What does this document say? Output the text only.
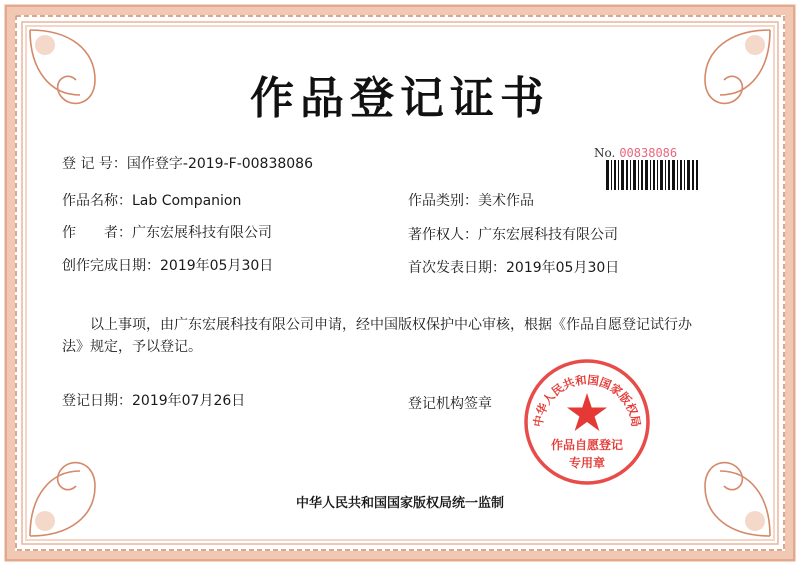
作品登记证书
No. 00838086
登 记 号：国作登字-2019-F-00838086
作品名称：Lab Companion	作品类别：美术作品
作　　者：广东宏展科技有限公司	著作权人：广东宏展科技有限公司
创作完成日期：2019年05月30日	首次发表日期：2019年05月30日
以上事项，由广东宏展科技有限公司申请，经中国版权保护中心审核，根据《作品自愿登记试行办法》规定，予以登记。
登记日期：2019年07月26日	登记机构签章
中华人民共和国国家版权局
作品自愿登记
专用章
中华人民共和国国家版权局统一监制
